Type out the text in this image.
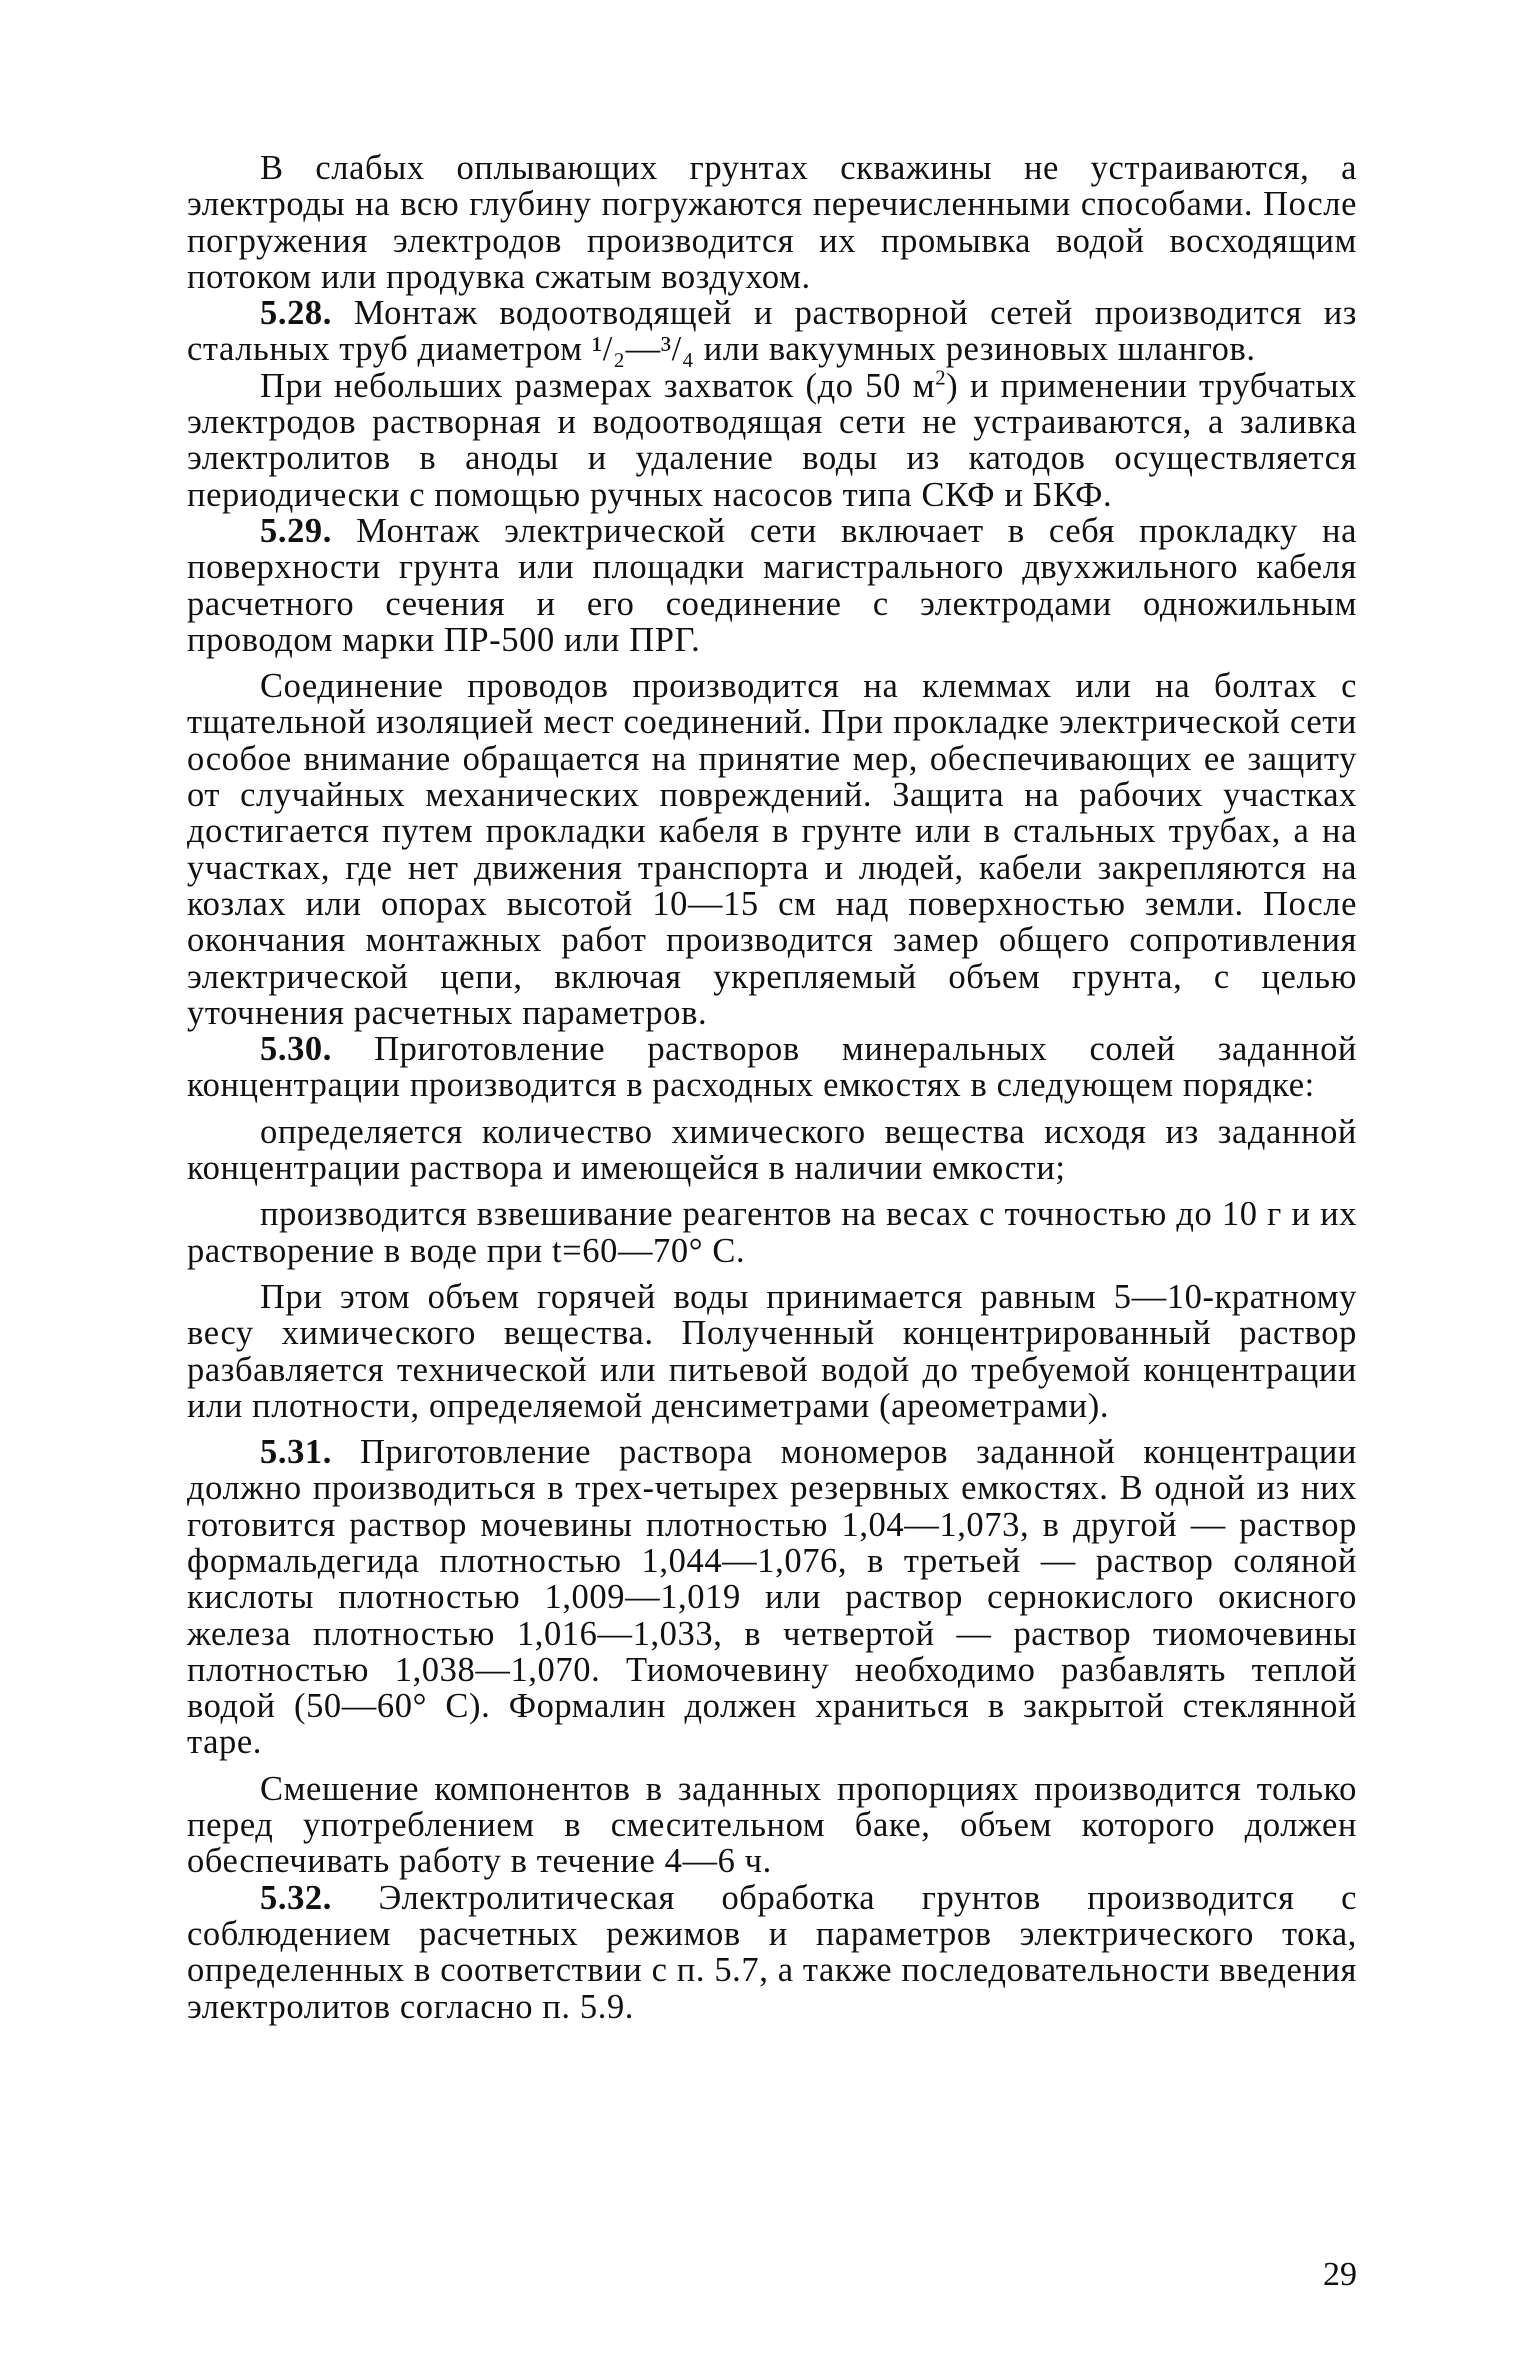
В слабых оплывающих грунтах скважины не устраиваются, а электроды на всю глубину погружаются перечисленными способами. После погружения электродов производится их промывка водой восходящим потоком или продувка сжатым воздухом.

5.28. Монтаж водоотводящей и растворной сетей производится из стальных труб диаметром ¹/₂—³/₄ или вакуумных резиновых шлангов.

При небольших размерах захваток (до 50 $м^2$) и применении трубчатых электродов растворная и водоотводящая сети не устраиваются, а заливка электролитов в аноды и удаление воды из катодов осуществляется периодически с помощью ручных насосов типа СКФ и БКФ.

5.29. Монтаж электрической сети включает в себя прокладку на поверхности грунта или площадки магистрального двухжильного кабеля расчетного сечения и его соединение с электродами одножильным проводом марки ПР-500 или ПРГ.

Соединение проводов производится на клеммах или на болтах с тщательной изоляцией мест соединений. При прокладке электрической сети особое внимание обращается на принятие мер, обеспечивающих ее защиту от случайных механических повреждений. Защита на рабочих участках достигается путем прокладки кабеля в грунте или в стальных трубах, а на участках, где нет движения транспорта и людей, кабели закрепляются на козлах или опорах высотой 10—15 см над поверхностью земли. После окончания монтажных работ производится замер общего сопротивления электрической цепи, включая укрепляемый объем грунта, с целью уточнения расчетных параметров.

5.30. Приготовление растворов минеральных солей заданной концентрации производится в расходных емкостях в следующем порядке:

определяется количество химического вещества исходя из заданной концентрации раствора и имеющейся в наличии емкости;

производится взвешивание реагентов на весах с точностью до 10 г и их растворение в воде при t=60—70° С.

При этом объем горячей воды принимается равным 5—10-кратному весу химического вещества. Полученный концентрированный раствор разбавляется технической или питьевой водой до требуемой концентрации или плотности, определяемой денсиметрами (ареометрами).

5.31. Приготовление раствора мономеров заданной концентрации должно производиться в трех-четырех резервных емкостях. В одной из них готовится раствор мочевины плотностью 1,04—1,073, в другой — раствор формальдегида плотностью 1,044—1,076, в третьей — раствор соляной кислоты плотностью 1,009—1,019 или раствор сернокислого окисного железа плотностью 1,016—1,033, в четвертой — раствор тиомочевины плотностью 1,038—1,070. Тиомочевину необходимо разбавлять теплой водой (50—60° С). Формалин должен храниться в закрытой стеклянной таре.

Смешение компонентов в заданных пропорциях производится только перед употреблением в смесительном баке, объем которого должен обеспечивать работу в течение 4—6 ч.

5.32. Электролитическая обработка грунтов производится с соблюдением расчетных режимов и параметров электрического тока, определенных в соответствии с п. 5.7, а также последовательности введения электролитов согласно п. 5.9.

29
